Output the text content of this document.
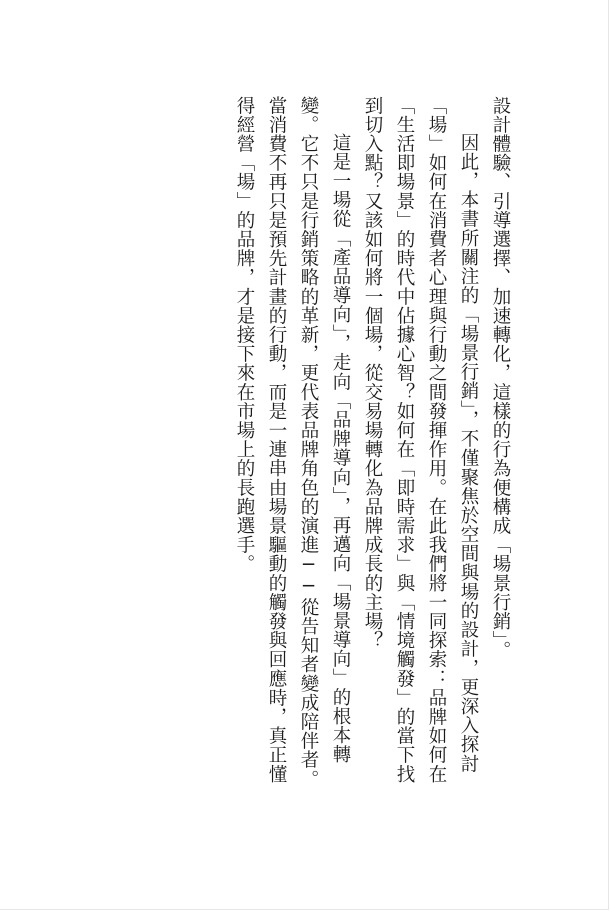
設計體驗、引導選擇、加速轉化，這樣的行為便構成「場景行銷」。

因此，本書所關注的「場景行銷」，不僅聚焦於空間與場的設計，更深入探討「場」如何在消費者心理與行動之間發揮作用。在此我們將一同探索：品牌如何在「生活即場景」的時代中佔據心智？如何在「即時需求」與「情境觸發」的當下找到切入點？又該如何將一個場，從交易場轉化為品牌成長的主場？

這是一場從「產品導向」，走向「品牌導向」，再邁向「場景導向」的根本轉變。它不只是行銷策略的革新，更代表品牌角色的演進──從告知者變成陪伴者。當消費不再只是預先計畫的行動，而是一連串由場景驅動的觸發與回應時，真正懂得經營「場」的品牌，才是接下來在市場上的長跑選手。
